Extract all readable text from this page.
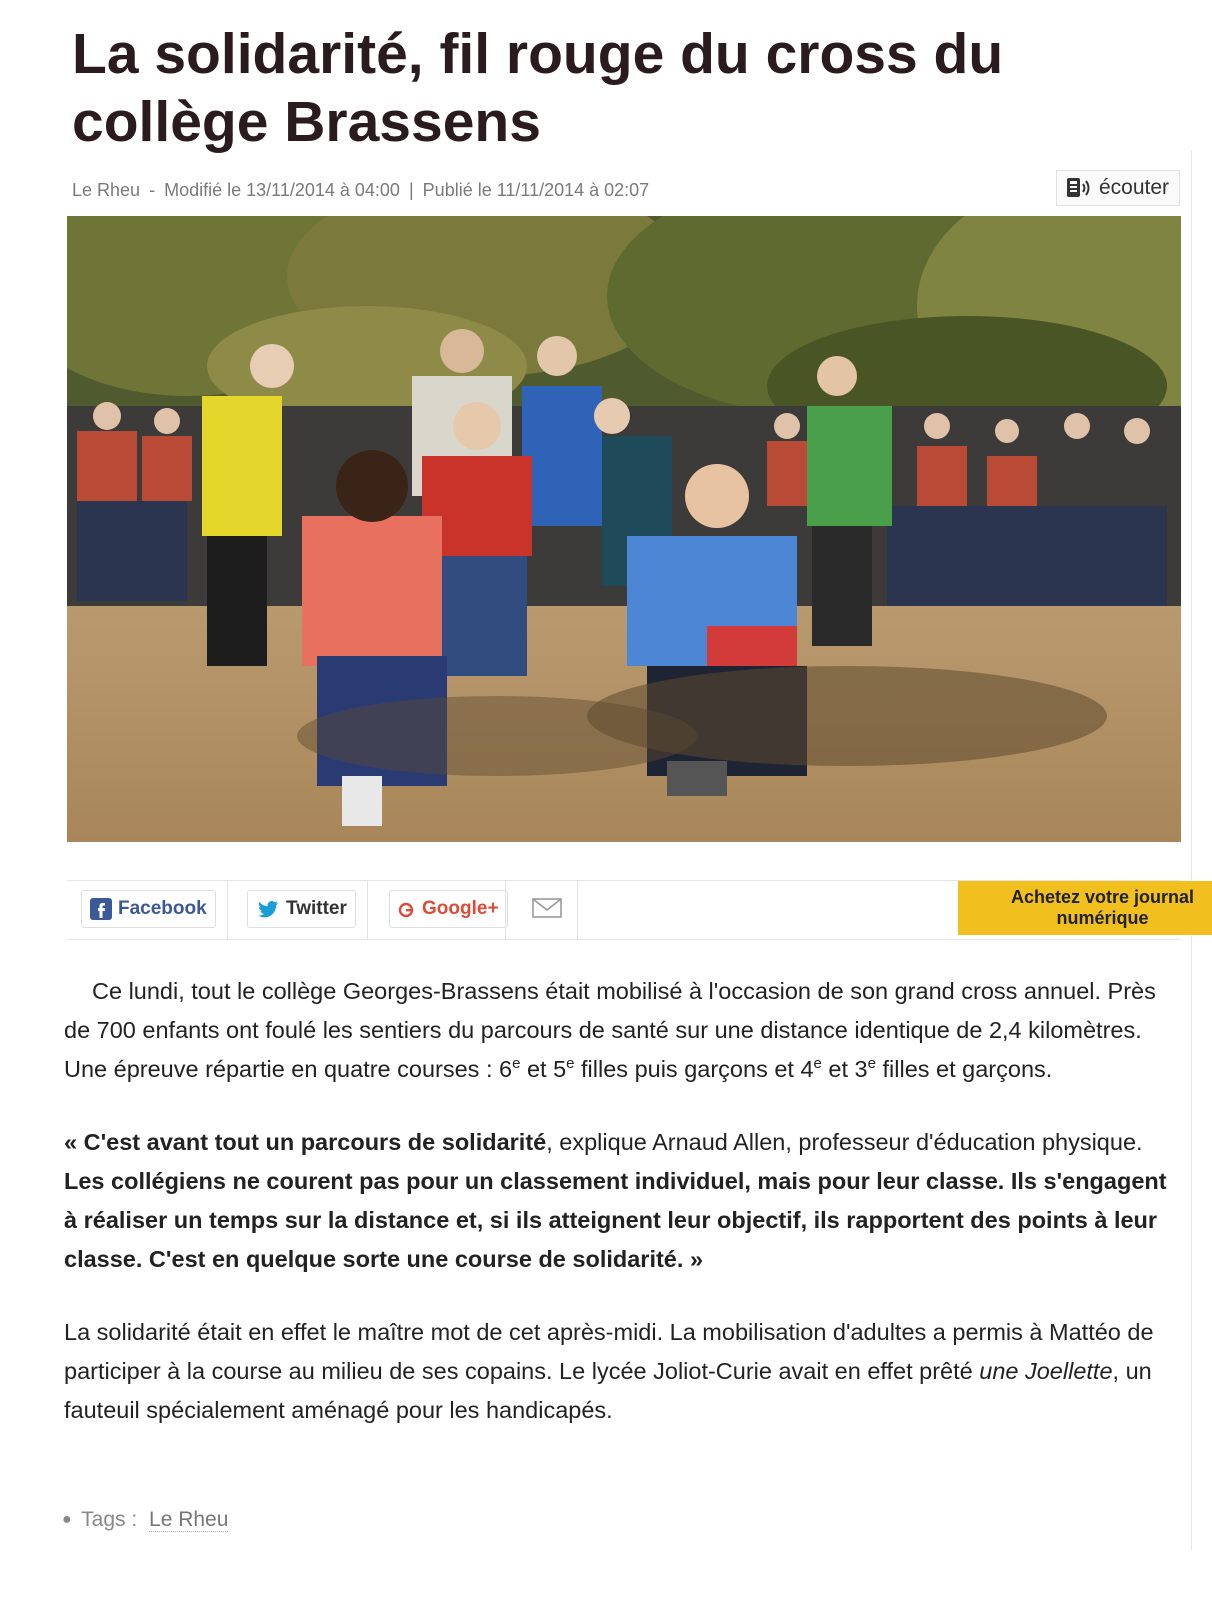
La solidarité, fil rouge du cross du collège Brassens
Le Rheu - Modifié le 13/11/2014 à 04:00 | Publié le 11/11/2014 à 02:07	écouter
Facebook	Twitter	Google+
Achetez votre journal
numérique

Ce lundi, tout le collège Georges-Brassens était mobilisé à l'occasion de son grand cross annuel. Près de 700 enfants ont foulé les sentiers du parcours de santé sur une distance identique de 2,4 kilomètres. Une épreuve répartie en quatre courses : 6e et 5e filles puis garçons et 4e et 3e filles et garçons.

« C'est avant tout un parcours de solidarité, explique Arnaud Allen, professeur d'éducation physique. Les collégiens ne courent pas pour un classement individuel, mais pour leur classe. Ils s'engagent à réaliser un temps sur la distance et, si ils atteignent leur objectif, ils rapportent des points à leur classe. C'est en quelque sorte une course de solidarité. »

La solidarité était en effet le maître mot de cet après-midi. La mobilisation d'adultes a permis à Mattéo de participer à la course au milieu de ses copains. Le lycée Joliot-Curie avait en effet prêté une Joellette, un fauteuil spécialement aménagé pour les handicapés.

● Tags : Le Rheu
